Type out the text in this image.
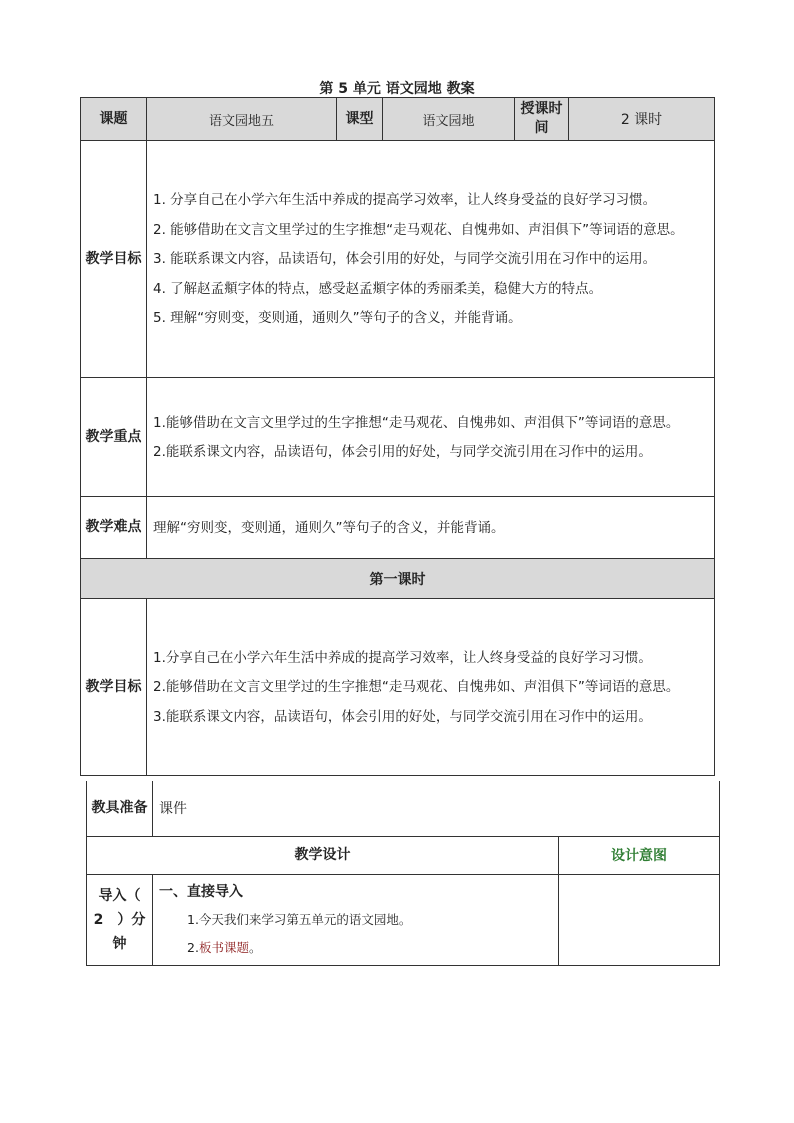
第 5 单元 语文园地 教案
课题	语文园地五	课型	语文园地	授课时间	2 课时
教学目标	1. 分享自己在小学六年生活中养成的提高学习效率，让人终身受益的良好学习习惯。

2. 能够借助在文言文里学过的生字推想“走马观花、自愧弗如、声泪俱下”等词语的意思。

3. 能联系课文内容，品读语句，体会引用的好处，与同学交流引用在习作中的运用。

4. 了解赵孟頫字体的特点，感受赵孟頫字体的秀丽柔美，稳健大方的特点。

5. 理解“穷则变，变则通，通则久”等句子的含义，并能背诵。				

教学重点	1.能够借助在文言文里学过的生字推想“走马观花、自愧弗如、声泪俱下”等词语的意思。

2.能联系课文内容，品读语句，体会引用的好处，与同学交流引用在习作中的运用。				

教学难点	理解“穷则变，变则通，通则久”等句子的含义，并能背诵。				
第一课时					
教学目标	1.分享自己在小学六年生活中养成的提高学习效率，让人终身受益的良好学习习惯。

2.能够借助在文言文里学过的生字推想“走马观花、自愧弗如、声泪俱下”等词语的意思。

3.能联系课文内容，品读语句，体会引用的好处，与同学交流引用在习作中的运用。				

教具准备	课件	
教学设计		设计意图
导入（　2　）分钟	一、直接导入
1.今天我们来学习第五单元的语文园地。
2.板书课题。	
